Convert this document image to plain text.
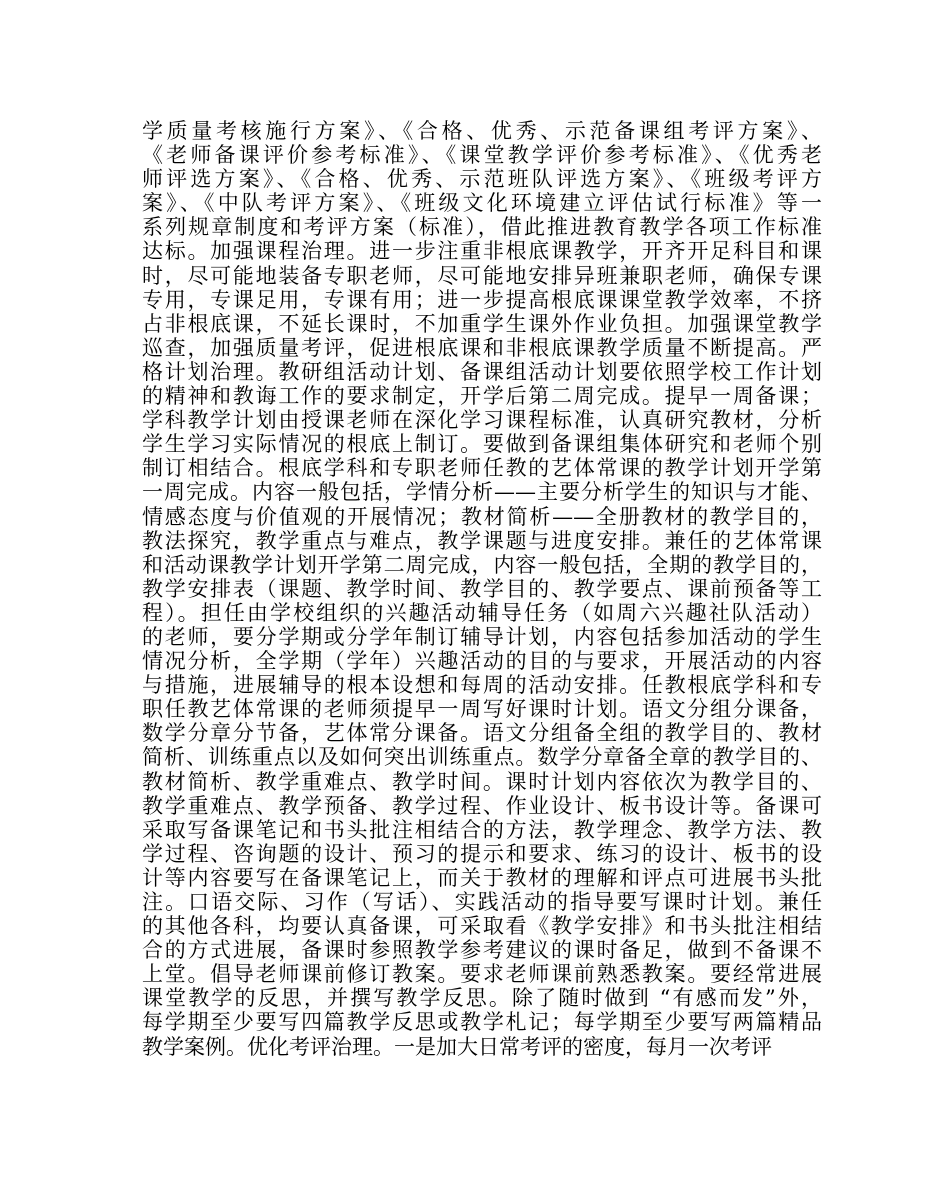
学质量考核施行方案》、《合格、优秀、示范备课组考评方案》、
《老师备课评价参考标准》、《课堂教学评价参考标准》、《优秀老
师评选方案》、《合格、优秀、示范班队评选方案》、《班级考评方
案》、《中队考评方案》、《班级文化环境建立评估试行标准》等一
系列规章制度和考评方案（标准），借此推进教育教学各项工作标准
达标。加强课程治理。进一步注重非根底课教学，开齐开足科目和课
时，尽可能地装备专职老师，尽可能地安排异班兼职老师，确保专课
专用，专课足用，专课有用；进一步提高根底课课堂教学效率，不挤
占非根底课，不延长课时，不加重学生课外作业负担。加强课堂教学
巡查，加强质量考评，促进根底课和非根底课教学质量不断提高。严
格计划治理。教研组活动计划、备课组活动计划要依照学校工作计划
的精神和教诲工作的要求制定，开学后第二周完成。提早一周备课；
学科教学计划由授课老师在深化学习课程标准，认真研究教材，分析
学生学习实际情况的根底上制订。要做到备课组集体研究和老师个别
制订相结合。根底学科和专职老师任教的艺体常课的教学计划开学第
一周完成。内容一般包括，学情分析——主要分析学生的知识与才能、
情感态度与价值观的开展情况；教材简析——全册教材的教学目的，
教法探究，教学重点与难点，教学课题与进度安排。兼任的艺体常课
和活动课教学计划开学第二周完成，内容一般包括，全期的教学目的，
教学安排表（课题、教学时间、教学目的、教学要点、课前预备等工
程）。担任由学校组织的兴趣活动辅导任务（如周六兴趣社队活动）
的老师，要分学期或分学年制订辅导计划，内容包括参加活动的学生
情况分析，全学期（学年）兴趣活动的目的与要求，开展活动的内容
与措施，进展辅导的根本设想和每周的活动安排。任教根底学科和专
职任教艺体常课的老师须提早一周写好课时计划。语文分组分课备，
数学分章分节备，艺体常分课备。语文分组备全组的教学目的、教材
简析、训练重点以及如何突出训练重点。数学分章备全章的教学目的、
教材简析、教学重难点、教学时间。课时计划内容依次为教学目的、
教学重难点、教学预备、教学过程、作业设计、板书设计等。备课可
采取写备课笔记和书头批注相结合的方法，教学理念、教学方法、教
学过程、咨询题的设计、预习的提示和要求、练习的设计、板书的设
计等内容要写在备课笔记上，而关于教材的理解和评点可进展书头批
注。口语交际、习作（写话）、实践活动的指导要写课时计划。兼任
的其他各科，均要认真备课，可采取看《教学安排》和书头批注相结
合的方式进展，备课时参照教学参考建议的课时备足，做到不备课不
上堂。倡导老师课前修订教案。要求老师课前熟悉教案。要经常进展
课堂教学的反思，并撰写教学反思。除了随时做到 “有感而发”外，
每学期至少要写四篇教学反思或教学札记；每学期至少要写两篇精品
教学案例。优化考评治理。一是加大日常考评的密度，每月一次考评
